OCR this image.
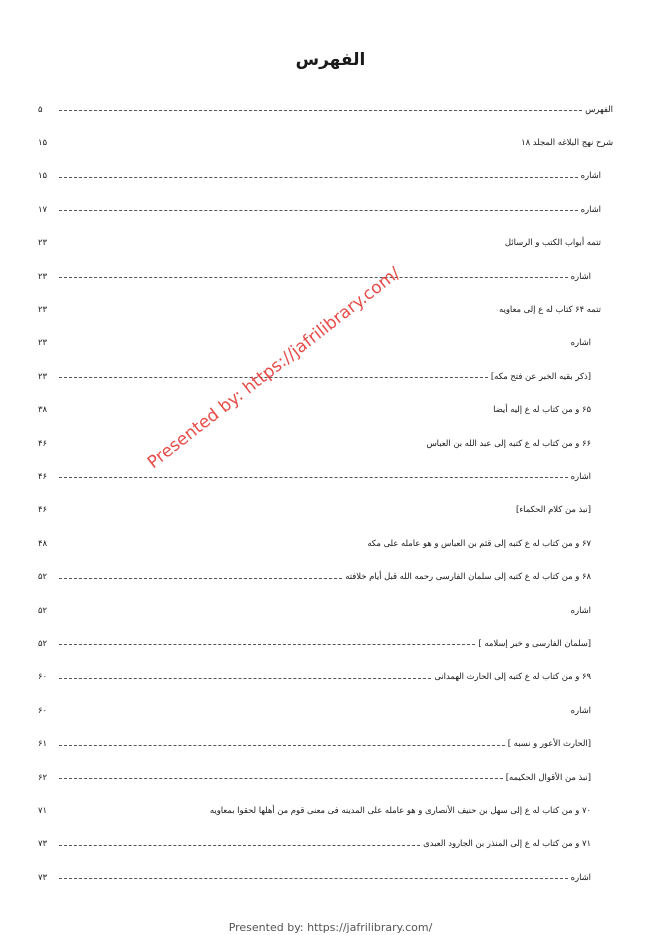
الفهرس
الفهرس
۵
شرح نهج البلاغه المجلد ۱۸
۱۵
اشاره
۱۵
اشاره
۱۷
تتمه أبواب الكتب و الرسائل
۲۳
اشاره
۲۳
تتمه ۶۴ كتاب له ع إلى معاويه
۲۳
اشاره
۲۳
[ذكر بقيه الخبر عن فتح مكه]
۲۳
۶۵ و من كتاب له ع إليه أيضا
۳۸
۶۶ و من كتاب له ع كتبه إلى عبد الله بن العباس
۴۶
اشاره
۴۶
[نبذ من كلام الحكماء]
۴۶
۶۷ و من كتاب له ع كتبه إلى قثم بن العباس و هو عامله على مكه
۴۸
۶۸ و من كتاب له ع كتبه إلى سلمان الفارسى رحمه الله قبل أيام خلافته
۵۲
اشاره
۵۲
[سلمان الفارسى و خبر إسلامه ]
۵۲
۶۹ و من كتاب له ع كتبه إلى الحارث الهمدانى
۶۰
اشاره
۶۰
[الحارث الأعور و نسبه ]
۶۱
[نبذ من الأقوال الحكيمه]
۶۲
۷۰ و من كتاب له ع إلى سهل بن حنيف الأنصارى و هو عامله على المدينه فى معنى قوم من أهلها لحقوا بمعاويه
۷۱
۷۱ و من كتاب له ع إلى المنذر بن الجارود العبدى
۷۳
اشاره
۷۳
Presented by: https://jafrilibrary.com/
Presented by: https://jafrilibrary.com/
